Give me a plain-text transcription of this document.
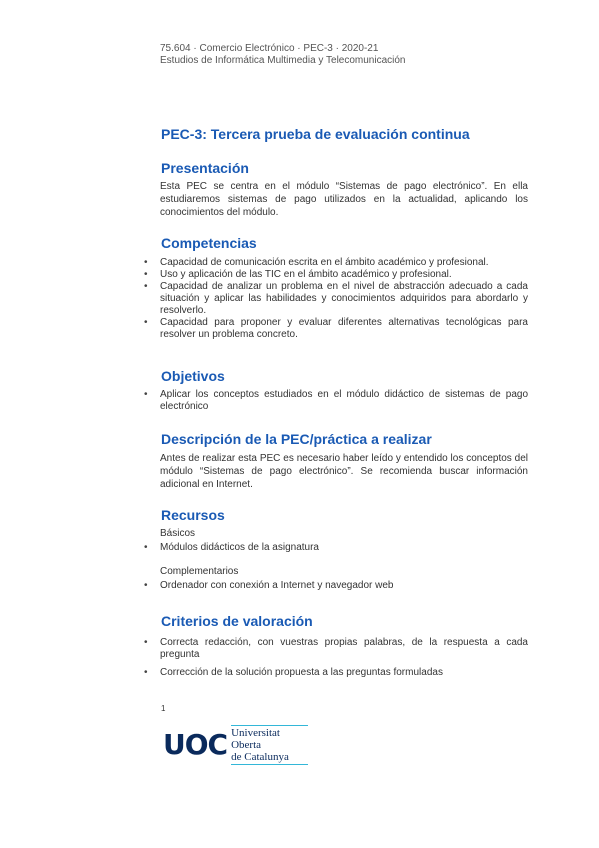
75.604 · Comercio Electrónico · PEC-3 · 2020-21
Estudios de Informática Multimedia y Telecomunicación
PEC-3: Tercera prueba de evaluación continua
Presentación

Esta PEC se centra en el módulo “Sistemas de pago electrónico”. En ella estudiaremos sistemas de pago utilizados en la actualidad, aplicando los conocimientos del módulo.

Competencias
• Capacidad de comunicación escrita en el ámbito académico y profesional.
• Uso y aplicación de las TIC en el ámbito académico y profesional.
• Capacidad de analizar un problema en el nivel de abstracción adecuado a cada situación y aplicar las habilidades y conocimientos adquiridos para abordarlo y resolverlo.
• Capacidad para proponer y evaluar diferentes alternativas tecnológicas para resolver un problema concreto.
Objetivos
• Aplicar los conceptos estudiados en el módulo didáctico de sistemas de pago electrónico
Descripción de la PEC/práctica a realizar

Antes de realizar esta PEC es necesario haber leído y entendido los conceptos del módulo “Sistemas de pago electrónico”. Se recomienda buscar información adicional en Internet.

Recursos

Básicos

• Módulos didácticos de la asignatura

Complementarios

• Ordenador con conexión a Internet y navegador web
Criterios de valoración
• Correcta redacción, con vuestras propias palabras, de la respuesta a cada pregunta
• Corrección de la solución propuesta a las preguntas formuladas
1
UOC Universitat Oberta
de Catalunya
